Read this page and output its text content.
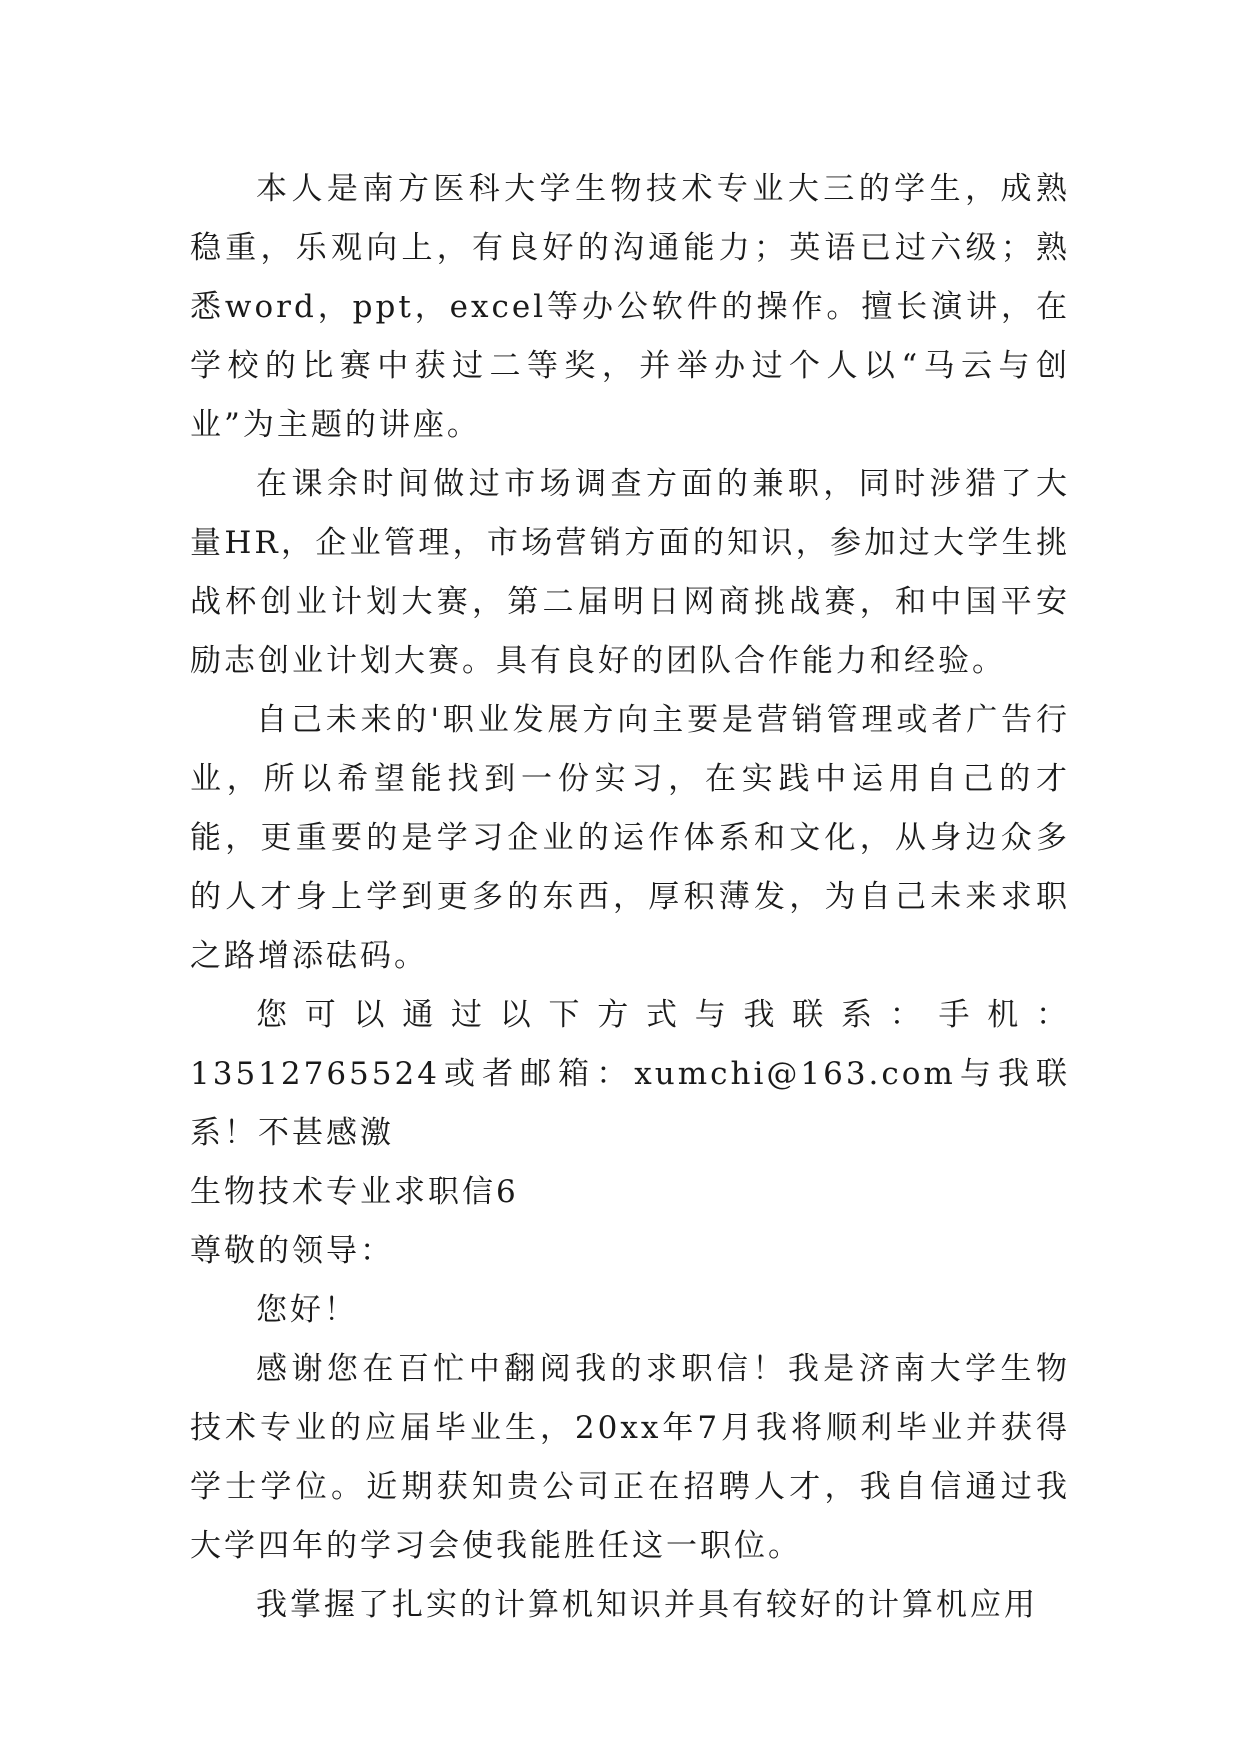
本人是南方医科大学生物技术专业大三的学生，成熟稳重，乐观向上，有良好的沟通能力；英语已过六级；熟悉word，ppt，excel等办公软件的操作。擅长演讲，在学校的比赛中获过二等奖，并举办过个人以“马云与创业”为主题的讲座。

在课余时间做过市场调查方面的兼职，同时涉猎了大量HR，企业管理，市场营销方面的知识，参加过大学生挑战杯创业计划大赛，第二届明日网商挑战赛，和中国平安励志创业计划大赛。具有良好的团队合作能力和经验。

自己未来的'职业发展方向主要是营销管理或者广告行业，所以希望能找到一份实习，在实践中运用自己的才能，更重要的是学习企业的运作体系和文化，从身边众多的人才身上学到更多的东西，厚积薄发，为自己未来求职之路增添砝码。

您可以通过以下方式与我联系：手机：13512765524或者邮箱：xumchi@163.com与我联系！不甚感激

生物技术专业求职信6

尊敬的领导：

您好！

感谢您在百忙中翻阅我的求职信！我是济南大学生物技术专业的应届毕业生，20xx年7月我将顺利毕业并获得学士学位。近期获知贵公司正在招聘人才，我自信通过我大学四年的学习会使我能胜任这一职位。

我掌握了扎实的计算机知识并具有较好的计算机应用
